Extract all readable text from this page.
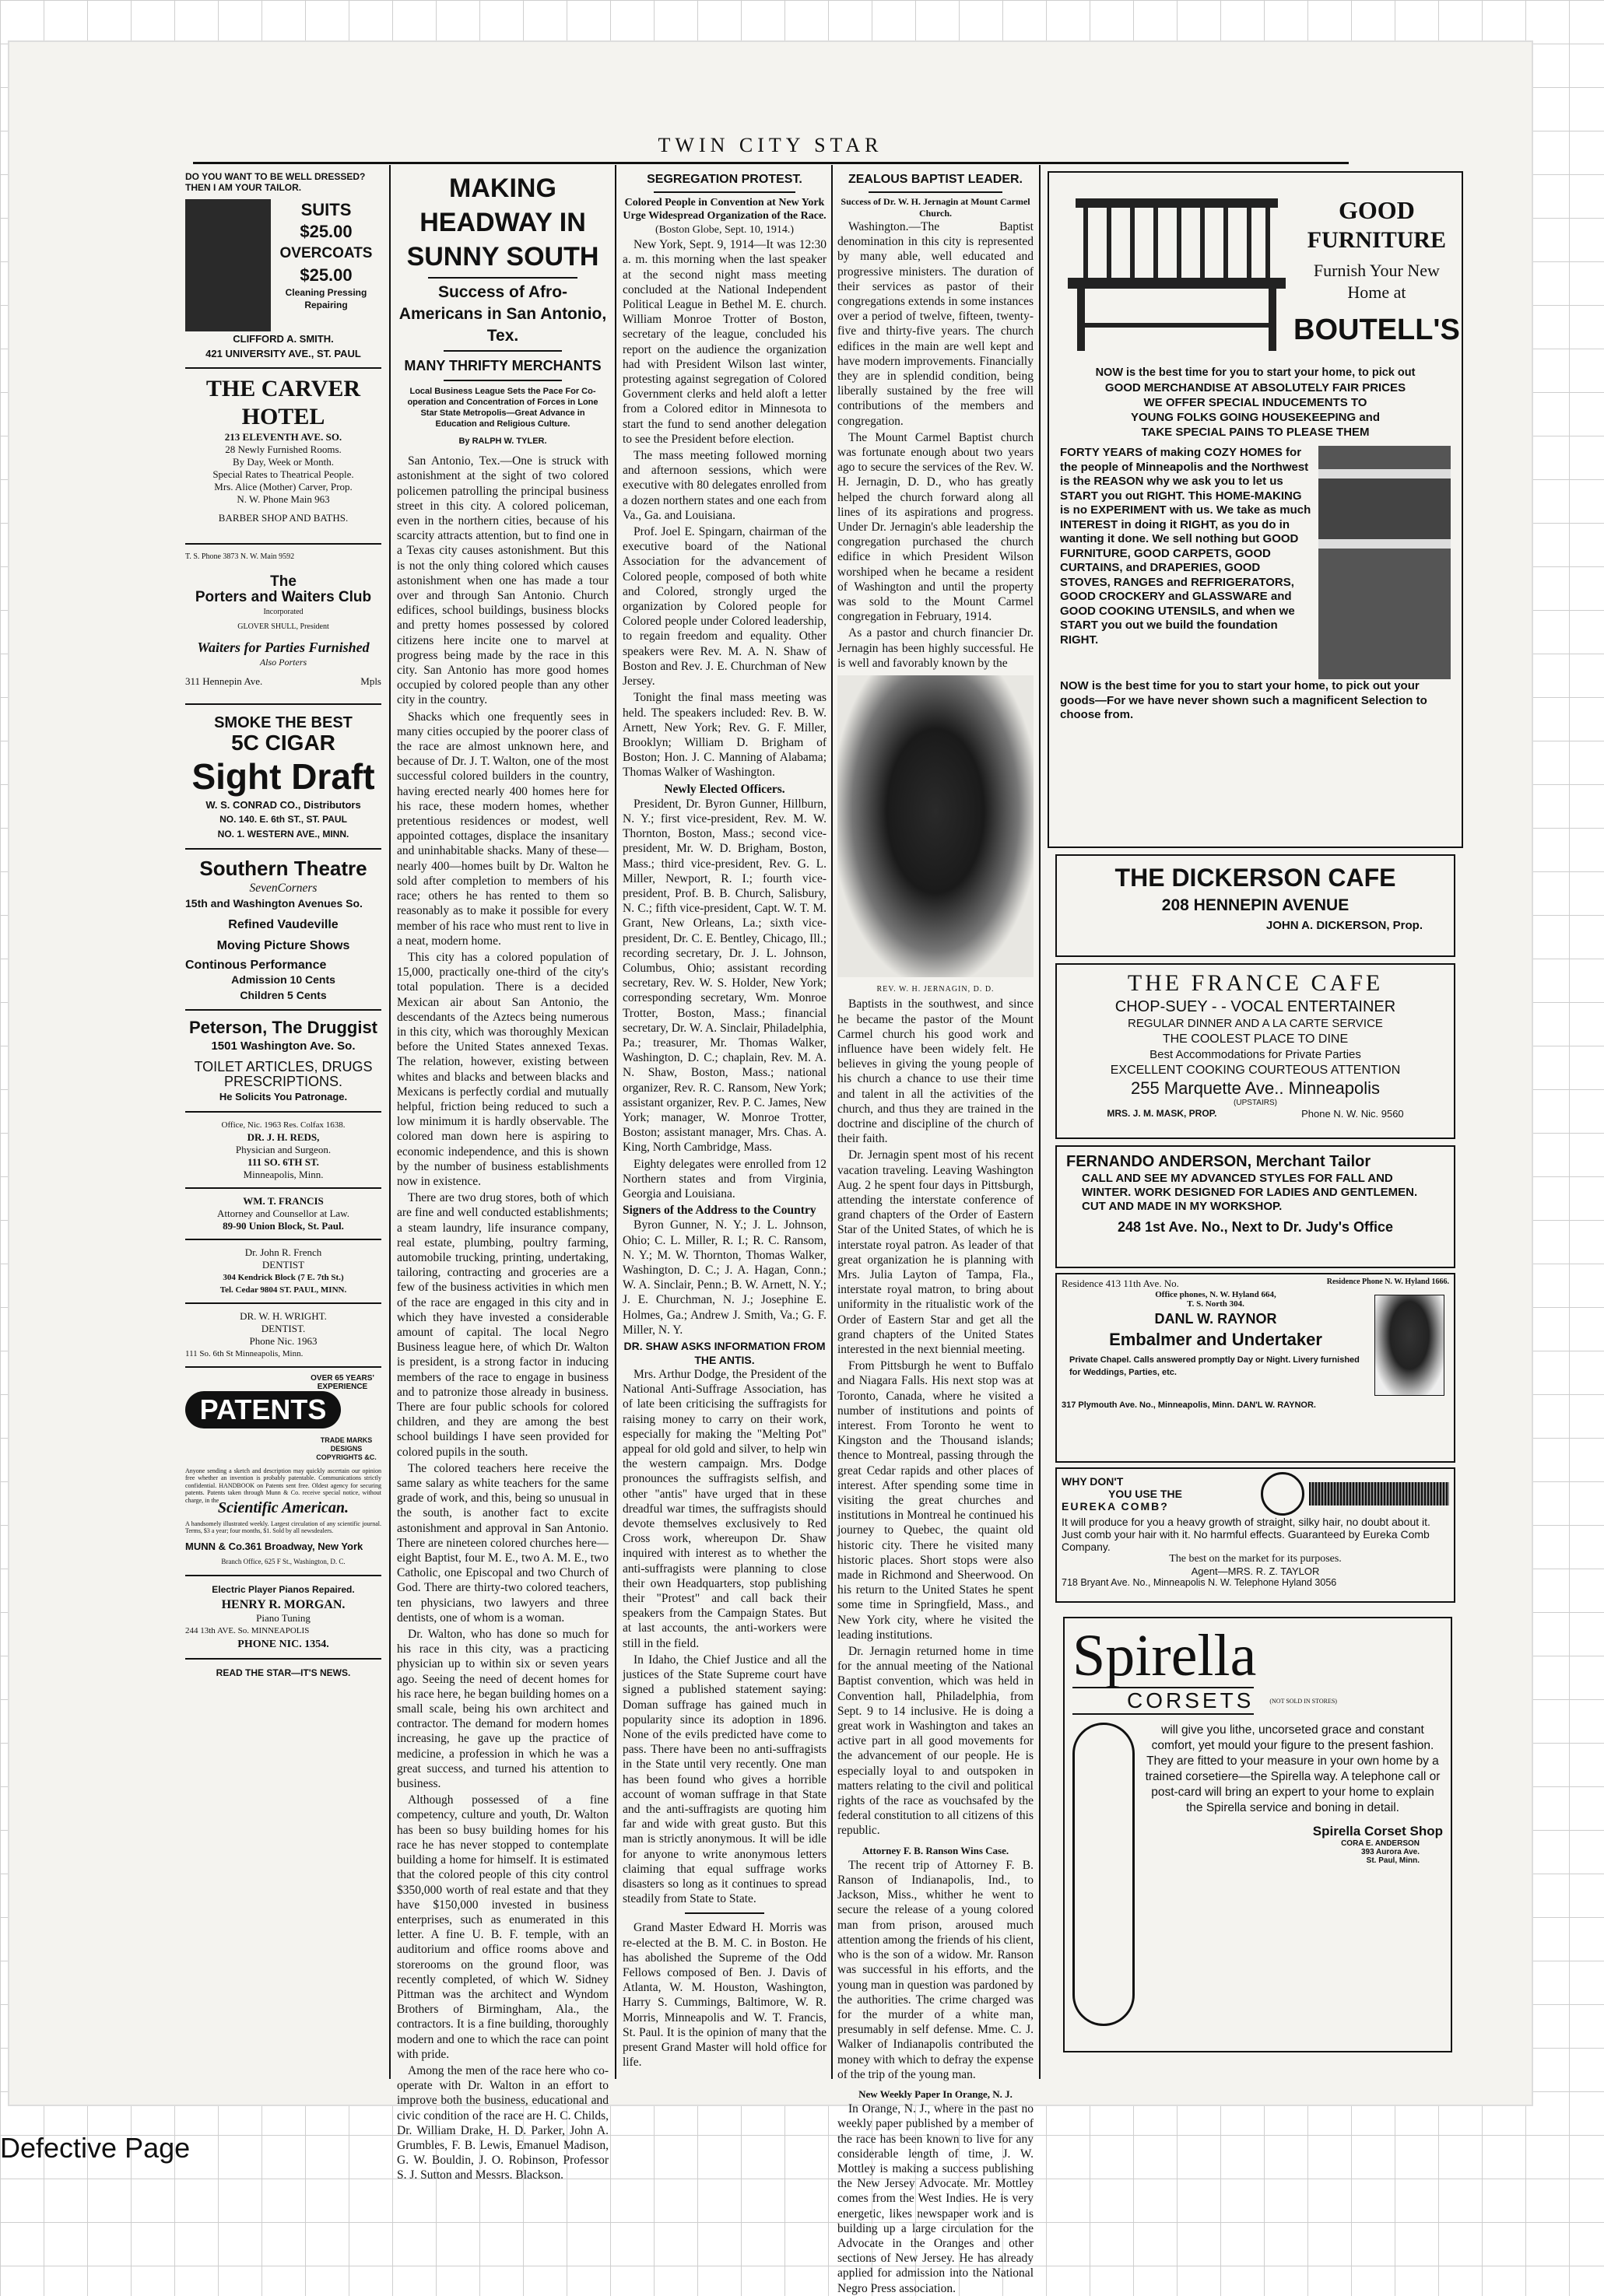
TWIN CITY STAR
DO YOU WANT TO BE WELL DRESSED? THEN I AM YOUR TAILOR.
SUITS
$25.00
OVERCOATS
$25.00
Cleaning Pressing Repairing
CLIFFORD A. SMITH.
421 UNIVERSITY AVE., ST. PAUL
THE CARVER HOTEL
213 ELEVENTH AVE. SO.
28 Newly Furnished Rooms.
By Day, Week or Month.
Special Rates to Theatrical People.
Mrs. Alice (Mother) Carver, Prop.
N. W. Phone Main 963
BARBER SHOP AND BATHS.
T. S. Phone 3873 N. W. Main 9592
The
Porters and Waiters Club
Incorporated
GLOVER SHULL, President
Waiters for Parties Furnished
Also Porters
311 Hennepin Ave.	Mpls
SMOKE THE BEST
5C CIGAR
Sight Draft
W. S. CONRAD CO., Distributors
NO. 140. E. 6th ST., ST. PAUL
NO. 1. WESTERN AVE., MINN.
Southern Theatre
SevenCorners
15th and Washington Avenues So.
Refined Vaudeville
Moving Picture Shows
Continous Performance
Admission 10 Cents
Children 5 Cents
Peterson, The Druggist
1501 Washington Ave. So.
TOILET ARTICLES, DRUGS
PRESCRIPTIONS.
He Solicits You Patronage.
Office, Nic. 1963 Res. Colfax 1638.
DR. J. H. REDS,
Physician and Surgeon.
111 SO. 6TH ST.
Minneapolis, Minn.
WM. T. FRANCIS
Attorney and Counsellor at Law.
89-90 Union Block, St. Paul.
Dr. John R. French
DENTIST
304 Kendrick Block (7 E. 7th St.)
Tel. Cedar 9804 ST. PAUL, MINN.
DR. W. H. WRIGHT.
DENTIST.
Phone Nic. 1963
111 So. 6th St Minneapolis, Minn.
OVER 65 YEARS' EXPERIENCE
PATENTS
TRADE MARKS DESIGNS COPYRIGHTS &C.
Anyone sending a sketch and description may quickly ascertain our opinion free whether an invention is probably patentable. Communications strictly confidential. HANDBOOK on Patents sent free. Oldest agency for securing patents. Patents taken through Munn & Co. receive special notice, without charge, in the
Scientific American.
A handsomely illustrated weekly. Largest circulation of any scientific journal. Terms, $3 a year; four months, $1. Sold by all newsdealers.
MUNN & Co.361 Broadway, New York
Branch Office, 625 F St., Washington, D. C.
Electric Player Pianos Repaired.
HENRY R. MORGAN.
Piano Tuning
244 13th AVE. So. MINNEAPOLIS
PHONE NIC. 1354.
READ THE STAR—IT'S NEWS.
MAKING HEADWAY IN SUNNY SOUTH
Success of Afro-Americans in San Antonio, Tex.
MANY THRIFTY MERCHANTS
Local Business League Sets the Pace For Co-operation and Concentration of Forces in Lone Star State Metropolis—Great Advance in Education and Religious Culture.
By RALPH W. TYLER.

San Antonio, Tex.—One is struck with astonishment at the sight of two colored policemen patrolling the principal business street in this city. A colored policeman, even in the northern cities, because of his scarcity attracts attention, but to find one in a Texas city causes astonishment. But this is not the only thing colored which causes astonishment when one has made a tour over and through San Antonio. Church edifices, school buildings, business blocks and pretty homes possessed by colored citizens here incite one to marvel at progress being made by the race in this city. San Antonio has more good homes occupied by colored people than any other city in the country.

Shacks which one frequently sees in many cities occupied by the poorer class of the race are almost unknown here, and because of Dr. J. T. Walton, one of the most successful colored builders in the country, having erected nearly 400 homes here for his race, these modern homes, whether pretentious residences or modest, well appointed cottages, displace the insanitary and uninhabitable shacks. Many of these—nearly 400—homes built by Dr. Walton he sold after completion to members of his race; others he has rented to them so reasonably as to make it possible for every member of his race who must rent to live in a neat, modern home.

This city has a colored population of 15,000, practically one-third of the city's total population. There is a decided Mexican air about San Antonio, the descendants of the Aztecs being numerous in this city, which was thoroughly Mexican before the United States annexed Texas. The relation, however, existing between whites and blacks and between blacks and Mexicans is perfectly cordial and mutually helpful, friction being reduced to such a low minimum it is hardly observable. The colored man down here is aspiring to economic independence, and this is shown by the number of business establishments now in existence.

There are two drug stores, both of which are fine and well conducted establishments; a steam laundry, life insurance company, real estate, plumbing, poultry farming, automobile trucking, printing, undertaking, tailoring, contracting and groceries are a few of the business activities in which men of the race are engaged in this city and in which they have invested a considerable amount of capital. The local Negro Business league here, of which Dr. Walton is president, is a strong factor in inducing members of the race to engage in business and to patronize those already in business. There are four public schools for colored children, and they are among the best school buildings I have seen provided for colored pupils in the south.

The colored teachers here receive the same salary as white teachers for the same grade of work, and this, being so unusual in the south, is another fact to excite astonishment and approval in San Antonio. There are nineteen colored churches here—eight Baptist, four M. E., two A. M. E., two Catholic, one Episcopal and two Church of God. There are thirty-two colored teachers, ten physicians, two lawyers and three dentists, one of whom is a woman.

Dr. Walton, who has done so much for his race in this city, was a practicing physician up to within six or seven years ago. Seeing the need of decent homes for his race here, he began building homes on a small scale, being his own architect and contractor. The demand for modern homes increasing, he gave up the practice of medicine, a profession in which he was a great success, and turned his attention to business.

Although possessed of a fine competency, culture and youth, Dr. Walton has been so busy building homes for his race he has never stopped to contemplate building a home for himself. It is estimated that the colored people of this city control $350,000 worth of real estate and that they have $150,000 invested in business enterprises, such as enumerated in this letter. A fine U. B. F. temple, with an auditorium and office rooms above and storerooms on the ground floor, was recently completed, of which W. Sidney Pittman was the architect and Wyndom Brothers of Birmingham, Ala., the contractors. It is a fine building, thoroughly modern and one to which the race can point with pride.

Among the men of the race here who co-operate with Dr. Walton in an effort to improve both the business, educational and civic condition of the race are H. C. Childs, Dr. William Drake, H. D. Parker, John A. Grumbles, F. B. Lewis, Emanuel Madison, G. W. Bouldin, J. O. Robinson, Professor S. J. Sutton and Messrs. Blackson.

SEGREGATION PROTEST.
Colored People in Convention at New York Urge Widespread Organization of the Race.
(Boston Globe, Sept. 10, 1914.)

New York, Sept. 9, 1914—It was 12:30 a. m. this morning when the last speaker at the second night mass meeting concluded at the National Independent Political League in Bethel M. E. church. William Monroe Trotter of Boston, secretary of the league, concluded his report on the audience the organization had with President Wilson last winter, protesting against segregation of Colored Government clerks and held aloft a letter from a Colored editor in Minnesota to start the fund to send another delegation to see the President before election.

The mass meeting followed morning and afternoon sessions, which were executive with 80 delegates enrolled from a dozen northern states and one each from Va., Ga. and Louisiana.

Prof. Joel E. Spingarn, chairman of the executive board of the National Association for the advancement of Colored people, composed of both white and Colored, strongly urged the organization by Colored people for Colored people under Colored leadership, to regain freedom and equality. Other speakers were Rev. M. A. N. Shaw of Boston and Rev. J. E. Churchman of New Jersey.

Tonight the final mass meeting was held. The speakers included: Rev. B. W. Arnett, New York; Rev. G. F. Miller, Brooklyn; William D. Brigham of Boston; Hon. J. C. Manning of Alabama; Thomas Walker of Washington.

Newly Elected Officers.

President, Dr. Byron Gunner, Hillburn, N. Y.; first vice-president, Rev. M. W. Thornton, Boston, Mass.; second vice-president, Mr. W. D. Brigham, Boston, Mass.; third vice-president, Rev. G. L. Miller, Newport, R. I.; fourth vice-president, Prof. B. B. Church, Salisbury, N. C.; fifth vice-president, Capt. W. T. M. Grant, New Orleans, La.; sixth vice-president, Dr. C. E. Bentley, Chicago, Ill.; recording secretary, Dr. J. L. Johnson, Columbus, Ohio; assistant recording secretary, Rev. W. S. Holder, New York; corresponding secretary, Wm. Monroe Trotter, Boston, Mass.; financial secretary, Dr. W. A. Sinclair, Philadelphia, Pa.; treasurer, Mr. Thomas Walker, Washington, D. C.; chaplain, Rev. M. A. N. Shaw, Boston, Mass.; national organizer, Rev. R. C. Ransom, New York; assistant organizer, Rev. P. C. James, New York; manager, W. Monroe Trotter, Boston; assistant manager, Mrs. Chas. A. King, North Cambridge, Mass.

Eighty delegates were enrolled from 12 Northern states and from Virginia, Georgia and Louisiana.

Signers of the Address to the Country

Byron Gunner, N. Y.; J. L. Johnson, Ohio; C. L. Miller, R. I.; R. C. Ransom, N. Y.; M. W. Thornton, Thomas Walker, Washington, D. C.; J. A. Hagan, Conn.; W. A. Sinclair, Penn.; B. W. Arnett, N. Y.; J. E. Churchman, N. J.; Josephine E. Holmes, Ga.; Andrew J. Smith, Va.; G. F. Miller, N. Y.

DR. SHAW ASKS INFORMATION FROM THE ANTIS.

Mrs. Arthur Dodge, the President of the National Anti-Suffrage Association, has of late been criticising the suffragists for raising money to carry on their work, especially for making the "Melting Pot" appeal for old gold and silver, to help win the western campaign. Mrs. Dodge pronounces the suffragists selfish, and other "antis" have urged that in these dreadful war times, the suffragists should devote themselves exclusively to Red Cross work, whereupon Dr. Shaw inquired with interest as to whether the anti-suffragists were planning to close their own Headquarters, stop publishing their "Protest" and call back their speakers from the Campaign States. But at last accounts, the anti-workers were still in the field.

In Idaho, the Chief Justice and all the justices of the State Supreme court have signed a published statement saying: Doman suffrage has gained much in popularity since its adoption in 1896. None of the evils predicted have come to pass. There have been no anti-suffragists in the State until very recently. One man has been found who gives a horrible account of woman suffrage in that State and the anti-suffragists are quoting him far and wide with great gusto. But this man is strictly anonymous. It will be idle for anyone to write anonymous letters claiming that equal suffrage works disasters so long as it continues to spread steadily from State to State.

Grand Master Edward H. Morris was re-elected at the B. M. C. in Boston. He has abolished the Supreme of the Odd Fellows composed of Ben. J. Davis of Atlanta, W. M. Houston, Washington, Harry S. Cummings, Baltimore, W. R. Morris, Minneapolis and W. T. Francis, St. Paul. It is the opinion of many that the present Grand Master will hold office for life.

ZEALOUS BAPTIST LEADER.
Success of Dr. W. H. Jernagin at Mount Carmel Church.

Washington.—The Baptist denomination in this city is represented by many able, well educated and progressive ministers. The duration of their services as pastor of their congregations extends in some instances over a period of twelve, fifteen, twenty-five and thirty-five years. The church edifices in the main are well kept and have modern improvements. Financially they are in splendid condition, being liberally sustained by the free will contributions of the members and congregation.

The Mount Carmel Baptist church was fortunate enough about two years ago to secure the services of the Rev. W. H. Jernagin, D. D., who has greatly helped the church forward along all lines of its aspirations and progress. Under Dr. Jernagin's able leadership the congregation purchased the church edifice in which President Wilson worshiped when he became a resident of Washington and until the property was sold to the Mount Carmel congregation in February, 1914.

As a pastor and church financier Dr. Jernagin has been highly successful. He is well and favorably known by the

REV. W. H. JERNAGIN, D. D.

Baptists in the southwest, and since he became the pastor of the Mount Carmel church his good work and influence have been widely felt. He believes in giving the young people of his church a chance to use their time and talent in all the activities of the church, and thus they are trained in the doctrine and discipline of the church of their faith.

Dr. Jernagin spent most of his recent vacation traveling. Leaving Washington Aug. 2 he spent four days in Pittsburgh, attending the interstate conference of grand chapters of the Order of Eastern Star of the United States, of which he is interstate royal patron. As leader of that great organization he is planning with Mrs. Julia Layton of Tampa, Fla., interstate royal matron, to bring about uniformity in the ritualistic work of the Order of Eastern Star and get all the grand chapters of the United States interested in the next biennial meeting.

From Pittsburgh he went to Buffalo and Niagara Falls. His next stop was at Toronto, Canada, where he visited a number of institutions and points of interest. From Toronto he went to Kingston and the Thousand islands; thence to Montreal, passing through the great Cedar rapids and other places of interest. After spending some time in visiting the great churches and institutions in Montreal he continued his journey to Quebec, the quaint old historic city. There he visited many historic places. Short stops were also made in Richmond and Sheerwood. On his return to the United States he spent some time in Springfield, Mass., and New York city, where he visited the leading institutions.

Dr. Jernagin returned home in time for the annual meeting of the National Baptist convention, which was held in Convention hall, Philadelphia, from Sept. 9 to 14 inclusive. He is doing a great work in Washington and takes an active part in all good movements for the advancement of our people. He is especially loyal to and outspoken in matters relating to the civil and political rights of the race as vouchsafed by the federal constitution to all citizens of this republic.

Attorney F. B. Ranson Wins Case.

The recent trip of Attorney F. B. Ranson of Indianapolis, Ind., to Jackson, Miss., whither he went to secure the release of a young colored man from prison, aroused much attention among the friends of his client, who is the son of a widow. Mr. Ranson was successful in his efforts, and the young man in question was pardoned by the authorities. The crime charged was for the murder of a white man, presumably in self defense. Mme. C. J. Walker of Indianapolis contributed the money with which to defray the expense of the trip of the young man.

New Weekly Paper In Orange, N. J.

In Orange, N. J., where in the past no weekly paper published by a member of the race has been known to live for any considerable length of time, J. W. Mottley is making a success publishing the New Jersey Advocate. Mr. Mottley comes from the West Indies. He is very energetic, likes newspaper work and is building up a large circulation for the Advocate in the Oranges and other sections of New Jersey. He has already applied for admission into the National Negro Press association.

GOOD
FURNITURE
Furnish Your New Home at
BOUTELL'S
NOW is the best time for you to start your home, to pick out
GOOD MERCHANDISE AT ABSOLUTELY FAIR PRICES
WE OFFER SPECIAL INDUCEMENTS TO
YOUNG FOLKS GOING HOUSEKEEPING and
TAKE SPECIAL PAINS TO PLEASE THEM
FORTY YEARS of making COZY HOMES for the people of Minneapolis and the Northwest is the REASON why we ask you to let us START you out RIGHT. This HOME-MAKING is no EXPERIMENT with us. We take as much INTEREST in doing it RIGHT, as you do in wanting it done. We sell nothing but GOOD FURNITURE, GOOD CARPETS, GOOD CURTAINS, and DRAPERIES, GOOD STOVES, RANGES and REFRIGERATORS, GOOD CROCKERY and GLASSWARE and GOOD COOKING UTENSILS, and when we START you out we build the foundation RIGHT.
NOW is the best time for you to start your home, to pick out your goods—For we have never shown such a magnificent Selection to choose from.
THE DICKERSON CAFE
208 HENNEPIN AVENUE
JOHN A. DICKERSON, Prop.
THE FRANCE CAFE
CHOP-SUEY - - VOCAL ENTERTAINER
REGULAR DINNER AND A LA CARTE SERVICE
THE COOLEST PLACE TO DINE
Best Accommodations for Private Parties
EXCELLENT COOKING COURTEOUS ATTENTION
255 Marquette Ave.. Minneapolis
(UPSTAIRS)
MRS. J. M. MASK, PROP.	Phone N. W. Nic. 9560
FERNANDO ANDERSON, Merchant Tailor
CALL AND SEE MY ADVANCED STYLES FOR FALL AND WINTER. WORK DESIGNED FOR LADIES AND GENTLEMEN. CUT AND MADE IN MY WORKSHOP.
248 1st Ave. No., Next to Dr. Judy's Office
Residence 413 11th Ave. No.	Residence Phone N. W. Hyland 1666.
Office phones, N. W. Hyland 664,
T. S. North 304.
DANL W. RAYNOR
Embalmer and Undertaker
Private Chapel. Calls answered promptly Day or Night. Livery furnished for Weddings, Parties, etc.
317 Plymouth Ave. No., Minneapolis, Minn. DAN'L W. RAYNOR.
WHY DON'T
YOU USE THE
EUREKA COMB?
It will produce for you a heavy growth of straight, silky hair, no doubt about it. Just comb your hair with it. No harmful effects. Guaranteed by Eureka Comb Company.
The best on the market for its purposes.
Agent—MRS. R. Z. TAYLOR
718 Bryant Ave. No., Minneapolis N. W. Telephone Hyland 3056
Spirella
CORSETS	(NOT SOLD IN STORES)
will give you lithe, uncorseted grace and constant comfort, yet mould your figure to the present fashion. They are fitted to your measure in your own home by a trained corsetiere—the Spirella way. A telephone call or post-card will bring an expert to your home to explain the Spirella service and boning in detail.
Spirella Corset Shop
CORA E. ANDERSON
393 Aurora Ave.
St. Paul, Minn.
Defective Page
